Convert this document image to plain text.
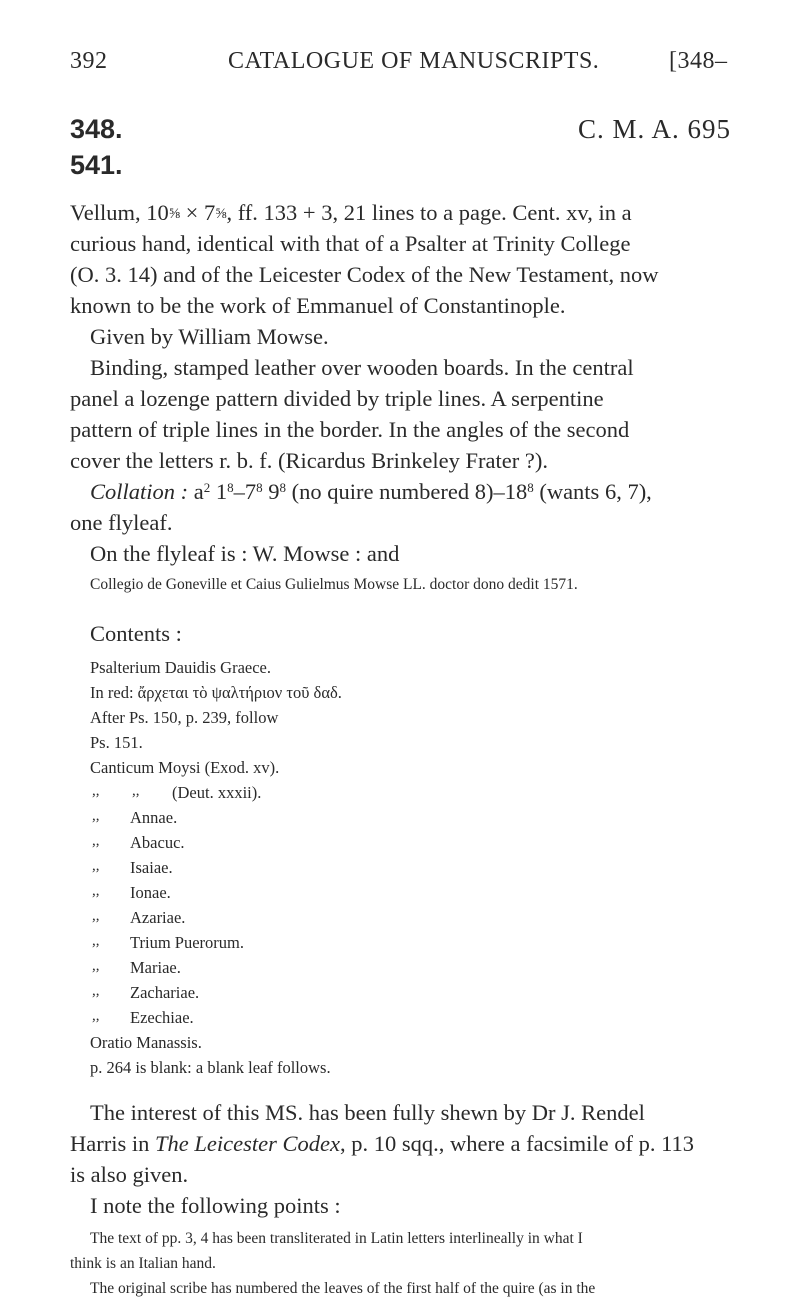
392	CATALOGUE OF MANUSCRIPTS.	[348–
348.
541.
C. M. A. 695
Vellum, 10⅝ × 7⅝, ff. 133 + 3, 21 lines to a page. Cent. xv, in a
curious hand, identical with that of a Psalter at Trinity College
(O. 3. 14) and of the Leicester Codex of the New Testament, now
known to be the work of Emmanuel of Constantinople.
Given by William Mowse.
Binding, stamped leather over wooden boards. In the central
panel a lozenge pattern divided by triple lines. A serpentine
pattern of triple lines in the border. In the angles of the second
cover the letters r. b. f. (Ricardus Brinkeley Frater ?).
Collation : $a^2$ $1^8-7^8$ $9^8$ (no quire numbered $8)-18^8$ (wants 6, 7),
one flyleaf.
On the flyleaf is : W. Mowse : and
Collegio de Goneville et Caius Gulielmus Mowse LL. doctor dono dedit 1571.
Contents :
Psalterium Dauidis Graece.
In red: ἄρχεται τὸ ψαλτήριον τοῦ δαδ.
After Ps. 150, p. 239, follow
Ps. 151.
Canticum Moysi (Exod. xv).
,, ,, (Deut. xxxii).
,, Annae.
,, Abacuc.
,, Isaiae.
,, Ionae.
,, Azariae.
,, Trium Puerorum.
,, Mariae.
,, Zachariae.
,, Ezechiae.
Oratio Manassis.
p. 264 is blank: a blank leaf follows.
The interest of this MS. has been fully shewn by Dr J. Rendel
Harris in The Leicester Codex, p. 10 sqq., where a facsimile of p. 113
is also given.
I note the following points :
The text of pp. 3, 4 has been transliterated in Latin letters interlineally in what I
think is an Italian hand.
The original scribe has numbered the leaves of the first half of the quire (as in the
